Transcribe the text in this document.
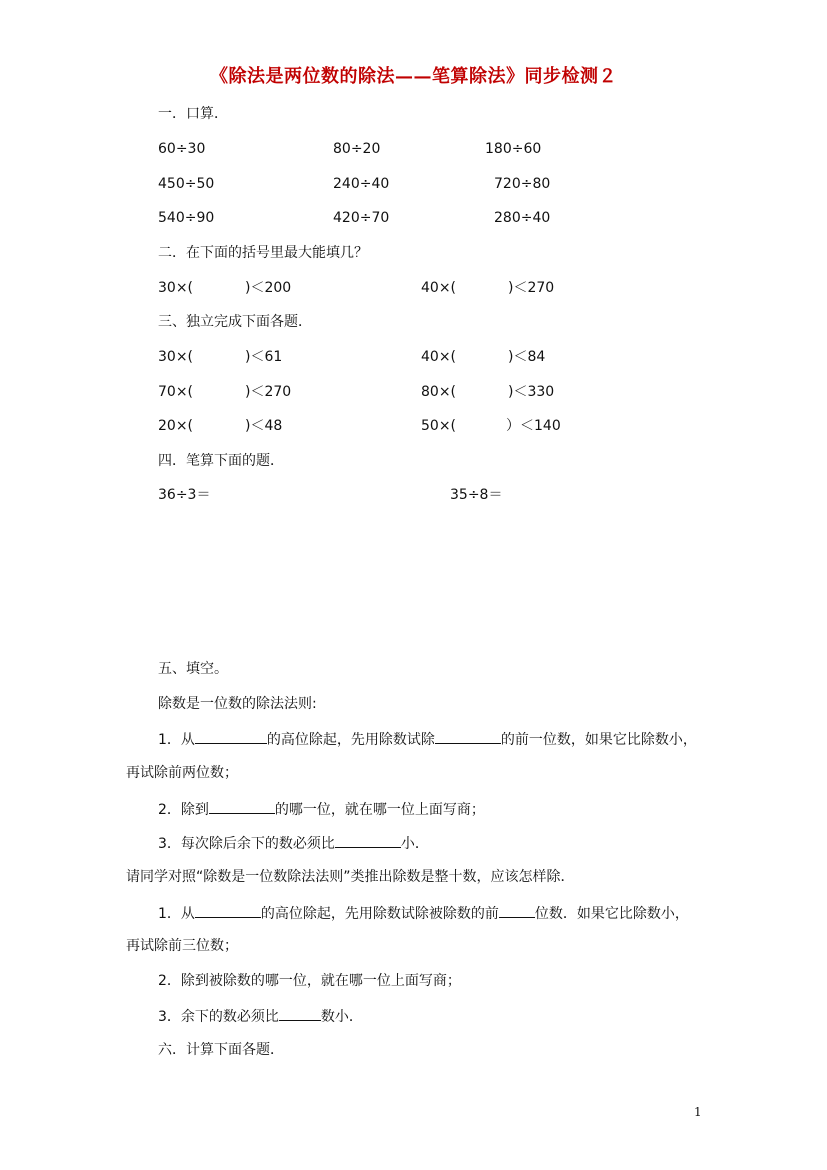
《除法是两位数的除法——笔算除法》同步检测２
一．口算．
60÷30	80÷20	180÷60
450÷50	240÷40	720÷80
540÷90	420÷70	280÷40
二．在下面的括号里最大能填几？
30×(	)＜200	40×(	)＜270
三、独立完成下面各题．
30×(	)＜61	40×(	)＜84
70×(	)＜270	80×(	)＜330
20×(	)＜48	50×(	）＜140
四．笔算下面的题．
36÷3＝	35÷8＝
五、填空。
除数是一位数的除法法则:
1．从	的高位除起，先用除数试除	的前一位数，如果它比除数小，
再试除前两位数；
2．除到	的哪一位，就在哪一位上面写商；
3．每次除后余下的数必须比	小．
请同学对照“除数是一位数除法法则”类推出除数是整十数，应该怎样除．
1．从	的高位除起，先用除数试除被除数的前	位数．如果它比除数小，
再试除前三位数；
2．除到被除数的哪一位，就在哪一位上面写商；
3．余下的数必须比	数小．
六．计算下面各题．
1
